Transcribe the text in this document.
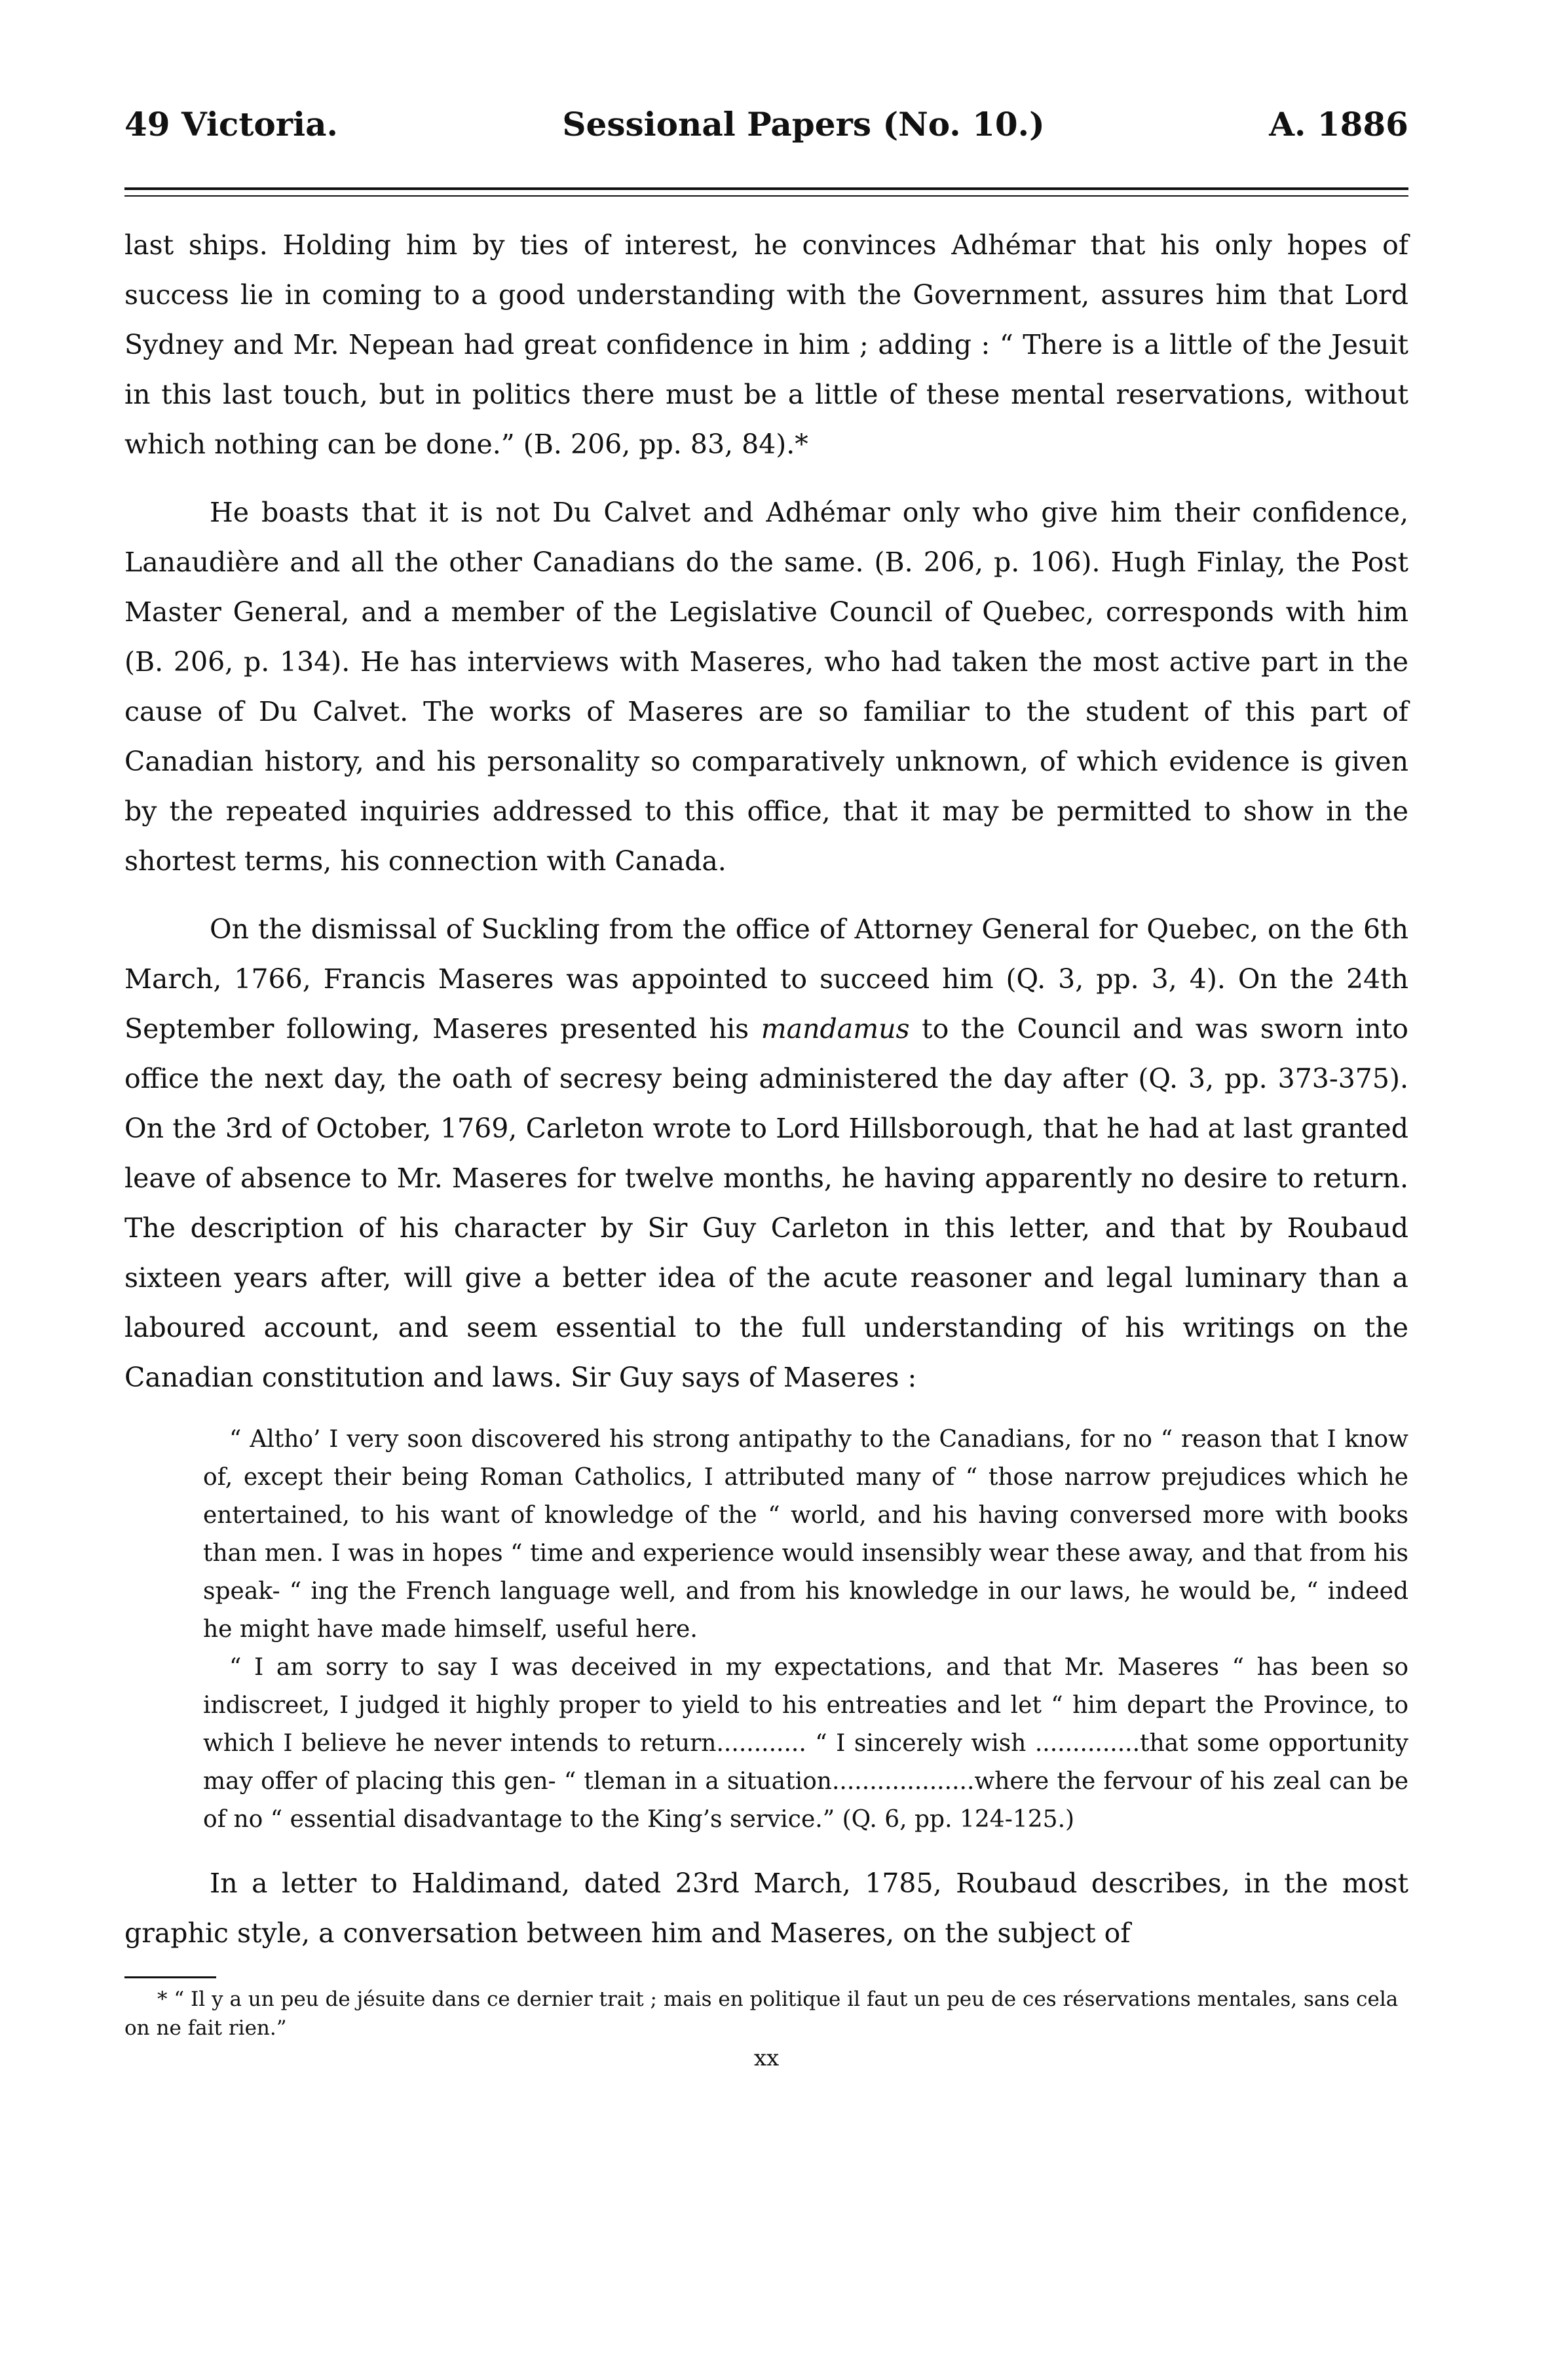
49 Victoria.	Sessional Papers (No. 10.)	A. 1886

last ships. Holding him by ties of interest, he convinces Adhémar that his only hopes of success lie in coming to a good understanding with the Government, assures him that Lord Sydney and Mr. Nepean had great confidence in him ; adding : “ There is a little of the Jesuit in this last touch, but in politics there must be a little of these mental reservations, without which nothing can be done.” (B. 206, pp. 83, 84).*

He boasts that it is not Du Calvet and Adhémar only who give him their confidence, Lanaudière and all the other Canadians do the same. (B. 206, p. 106). Hugh Finlay, the Post Master General, and a member of the Legislative Council of Quebec, corresponds with him (B. 206, p. 134). He has interviews with Maseres, who had taken the most active part in the cause of Du Calvet. The works of Maseres are so familiar to the student of this part of Canadian history, and his personality so comparatively unknown, of which evidence is given by the repeated inquiries addressed to this office, that it may be permitted to show in the shortest terms, his connection with Canada.

On the dismissal of Suckling from the office of Attorney General for Quebec, on the 6th March, 1766, Francis Maseres was appointed to succeed him (Q. 3, pp. 3, 4). On the 24th September following, Maseres presented his mandamus to the Council and was sworn into office the next day, the oath of secresy being administered the day after (Q. 3, pp. 373-375). On the 3rd of October, 1769, Carleton wrote to Lord Hillsborough, that he had at last granted leave of absence to Mr. Maseres for twelve months, he having apparently no desire to return. The description of his character by Sir Guy Carleton in this letter, and that by Roubaud sixteen years after, will give a better idea of the acute reasoner and legal luminary than a laboured account, and seem essential to the full understanding of his writings on the Canadian constitution and laws. Sir Guy says of Maseres :

“ Altho’ I very soon discovered his strong antipathy to the Canadians, for no “ reason that I know of, except their being Roman Catholics, I attributed many of “ those narrow prejudices which he entertained, to his want of knowledge of the “ world, and his having conversed more with books than men. I was in hopes “ time and experience would insensibly wear these away, and that from his speak- “ ing the French language well, and from his knowledge in our laws, he would be, “ indeed he might have made himself, useful here.

“ I am sorry to say I was deceived in my expectations, and that Mr. Maseres “ has been so indiscreet, I judged it highly proper to yield to his entreaties and let “ him depart the Province, to which I believe he never intends to return............ “ I sincerely wish ..............that some opportunity may offer of placing this gen- “ tleman in a situation...................where the fervour of his zeal can be of no “ essential disadvantage to the King’s service.” (Q. 6, pp. 124-125.)

In a letter to Haldimand, dated 23rd March, 1785, Roubaud describes, in the most graphic style, a conversation between him and Maseres, on the subject of

* “ Il y a un peu de jésuite dans ce dernier trait ; mais en politique il faut un peu de ces réservations mentales, sans cela on ne fait rien.”
xx
